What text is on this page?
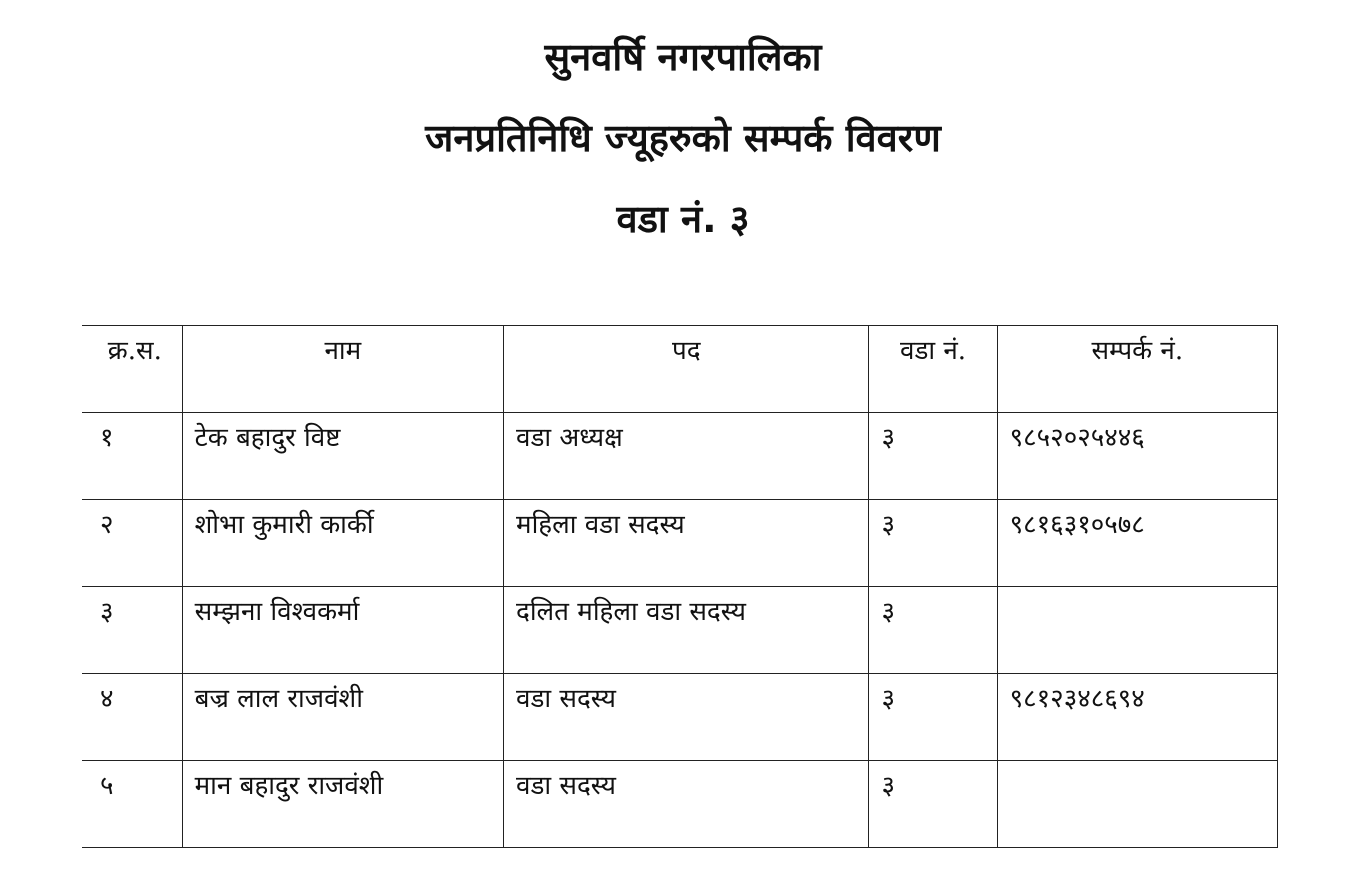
सुनवर्षि नगरपालिका
जनप्रतिनिधि ज्यूहरुको सम्पर्क विवरण
वडा नं. ३
क्र.स.	नाम	पद	वडा नं.	सम्पर्क नं.
१	टेक बहादुर विष्ट	वडा अध्यक्ष	३	९८५२०२५४४६
२	शोभा कुमारी कार्की	महिला वडा सदस्य	३	९८१६३१०५७८
३	सम्झना विश्वकर्मा	दलित महिला वडा सदस्य	३	
४	बज्र लाल राजवंशी	वडा सदस्य	३	९८१२३४८६९४
५	मान बहादुर राजवंशी	वडा सदस्य	३	
